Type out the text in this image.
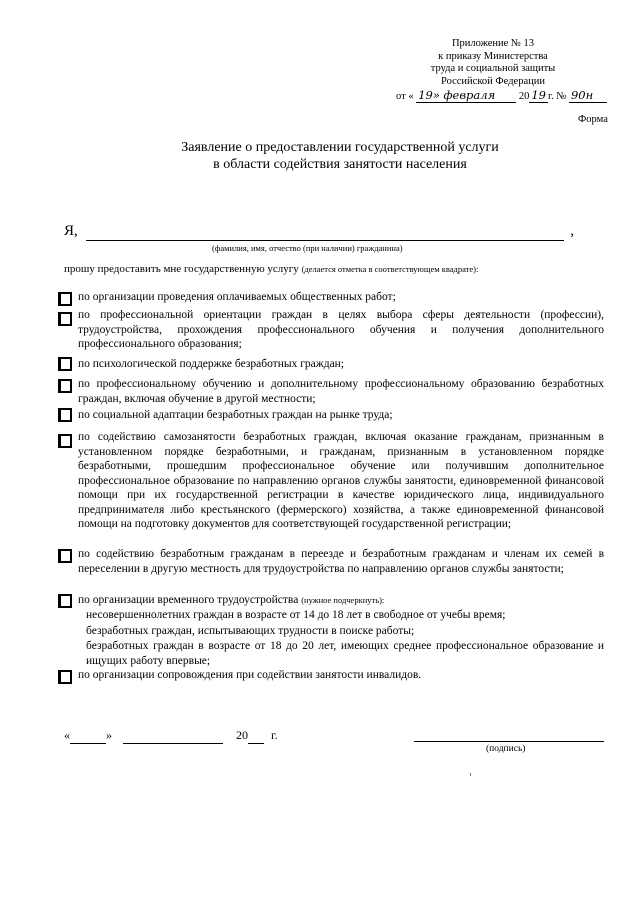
Приложение № 13
к приказу Министерства
труда и социальной защиты
Российской Федерации
от « 19» февраля 20 19 г. № 90н
Форма
Заявление о предоставлении государственной услуги
в области содействия занятости населения
Я,	,
(фамилия, имя, отчество (при наличии) гражданина)
прошу предоставить мне государственную услугу (делается отметка в соответствующем квадрате):
по организации проведения оплачиваемых общественных работ;
по профессиональной ориентации граждан в целях выбора сферы деятельности (профессии), трудоустройства, прохождения профессионального обучения и получения дополнительного профессионального образования;
по психологической поддержке безработных граждан;
по профессиональному обучению и дополнительному профессиональному образованию безработных граждан, включая обучение в другой местности;
по социальной адаптации безработных граждан на рынке труда;
по содействию самозанятости безработных граждан, включая оказание гражданам, признанным в установленном порядке безработными, и гражданам, признанным в установленном порядке безработными, прошедшим профессиональное обучение или получившим дополнительное профессиональное образование по направлению органов службы занятости, единовременной финансовой помощи при их государственной регистрации в качестве юридического лица, индивидуального предпринимателя либо крестьянского (фермерского) хозяйства, а также единовременной финансовой помощи на подготовку документов для соответствующей государственной регистрации;
по содействию безработным гражданам в переезде и безработным гражданам и членам их семей в переселении в другую местность для трудоустройства по направлению органов службы занятости;
по организации временного трудоустройства (нужное подчеркнуть):
несовершеннолетних граждан в возрасте от 14 до 18 лет в свободное от учебы время;
безработных граждан, испытывающих трудности в поиске работы;
безработных граждан в возрасте от 18 до 20 лет, имеющих среднее профессиональное образование и ищущих работу впервые;
по организации сопровождения при содействии занятости инвалидов.
«	»	20 г.
(подпись)
